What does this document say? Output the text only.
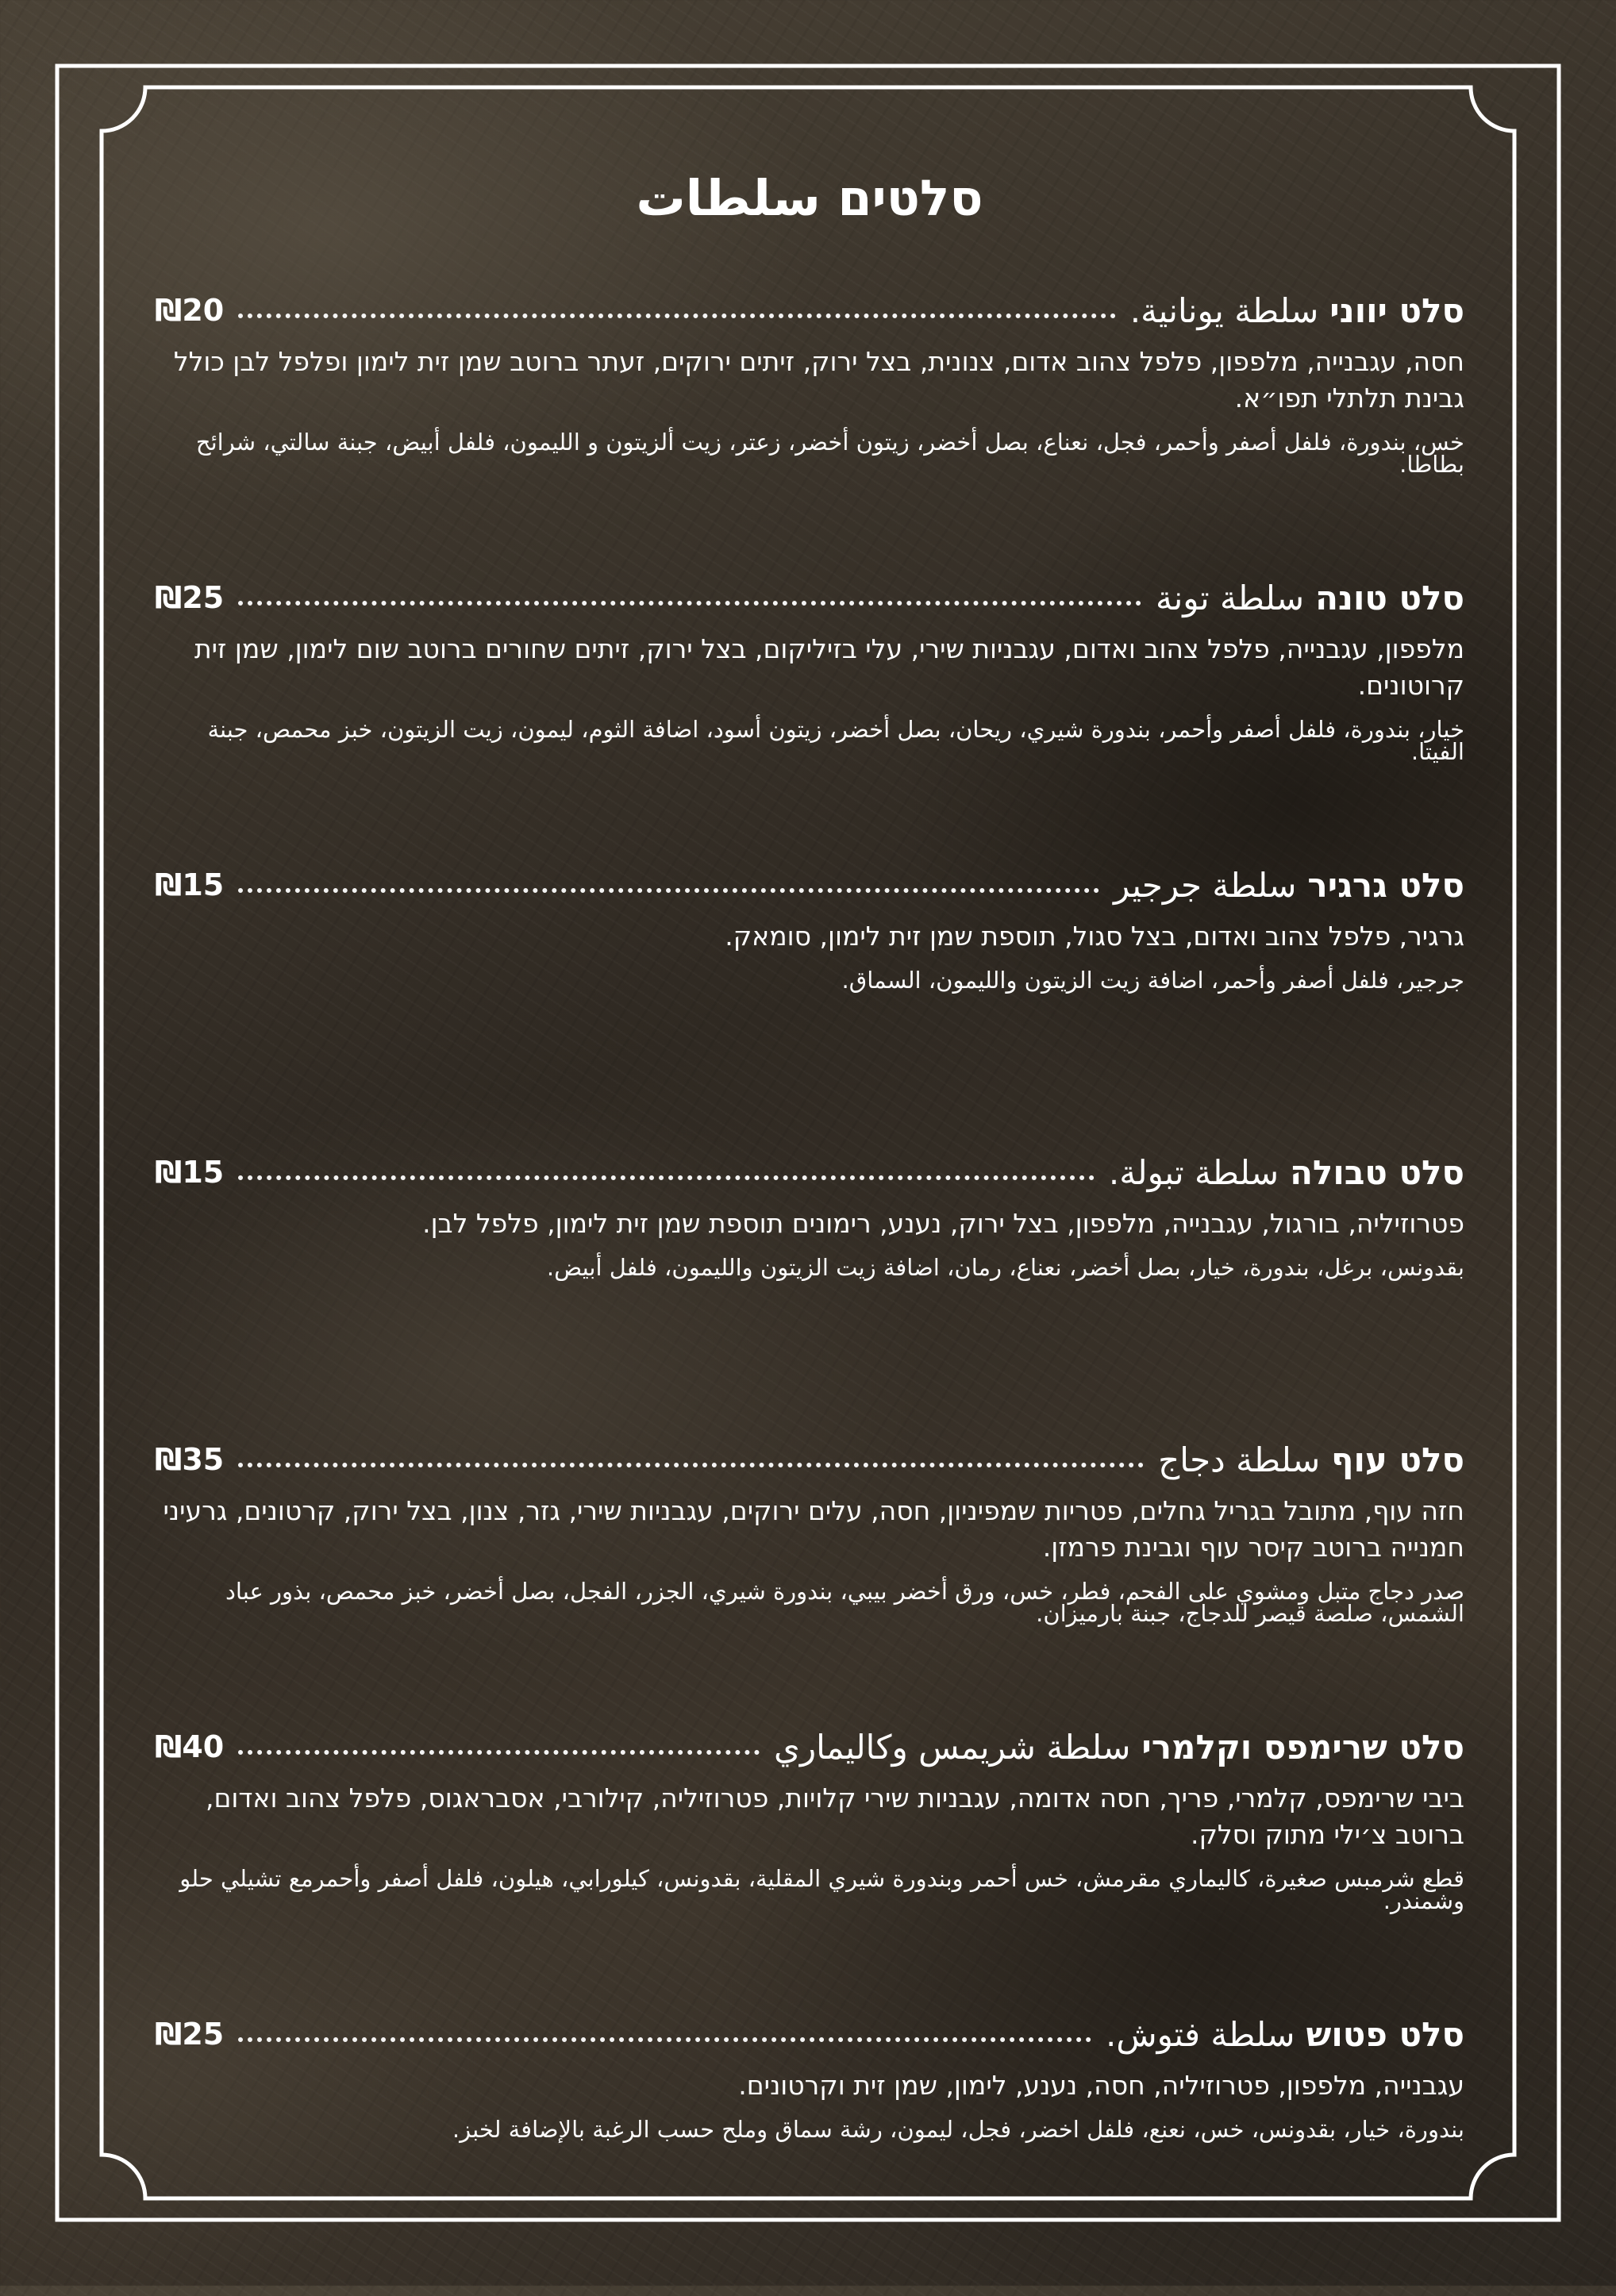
סלטים سلطات
סלט יווני
سلطة يونانية.
₪20
חסה, עגבנייה, מלפפון, פלפל צהוב אדום, צנונית, בצל ירוק, זיתים ירוקים, זעתר ברוטב שמן זית לימון ופלפל לבן כולל גבינת תלתלי תפו״א.
خس، بندورة، فلفل أصفر وأحمر، فجل، نعناع، بصل أخضر، زيتون أخضر، زعتر، زيت ألزيتون و الليمون، فلفل أبيض، جبنة سالتي، شرائح بطاطا.
סלט טונה
سلطة تونة
₪25
מלפפון, עגבנייה, פלפל צהוב ואדום, עגבניות שירי, עלי בזיליקום, בצל ירוק, זיתים שחורים ברוטב שום לימון, שמן זית קרוטונים.
خيار، بندورة، فلفل أصفر وأحمر، بندورة شيري، ريحان، بصل أخضر، زيتون أسود، اضافة الثوم، ليمون، زيت الزيتون، خبز محمص، جبنة الفيتا.
סלט גרגיר
سلطة جرجير
₪15
גרגיר, פלפל צהוב ואדום, בצל סגול, תוספת שמן זית לימון, סומאק.
جرجير، فلفل أصفر وأحمر، اضافة زيت الزيتون والليمون، السماق.
סלט טבולה
سلطة تبولة.
₪15
פטרוזיליה, בורגול, עגבנייה, מלפפון, בצל ירוק, נענע, רימונים תוספת שמן זית לימון, פלפל לבן.
بقدونس، برغل، بندورة، خيار، بصل أخضر، نعناع، رمان، اضافة زيت الزيتون والليمون، فلفل أبيض.
סלט עוף
سلطة دجاج
₪35
חזה עוף, מתובל בגריל גחלים, פטריות שמפיניון, חסה, עלים ירוקים, עגבניות שירי, גזר, צנון, בצל ירוק, קרטונים, גרעיני חמנייה ברוטב קיסר עוף וגבינת פרמזן.
صدر دجاج متبل ومشوي على الفحم، فطر، خس، ورق أخضر بيبي، بندورة شيري، الجزر، الفجل، بصل أخضر، خبز محمص، بذور عباد الشمس، صلصة قيصر للدجاج، جبنة بارميزان.
סלט שרימפס וקלמרי
سلطة شريمس وكاليماري
₪40
ביבי שרימפס, קלמרי, פריך, חסה אדומה, עגבניות שירי קלויות, פטרוזיליה, קילורבי, אסבראגוס, פלפל צהוב ואדום, ברוטב צ׳ילי מתוק וסלק.
قطع شرمبس صغيرة، كاليماري مقرمش، خس أحمر وبندورة شيري المقلية، بقدونس، كيلورابي، هيلون، فلفل أصفر وأحمرمع تشيلي حلو وشمندر.
סלט פטוש
سلطة فتوش.
₪25
עגבנייה, מלפפון, פטרוזיליה, חסה, נענע, לימון, שמן זית וקרטונים.
بندورة، خيار، بقدونس، خس، نعنع، فلفل اخضر، فجل، ليمون، رشة سماق وملح حسب الرغبة بالإضافة لخبز.
